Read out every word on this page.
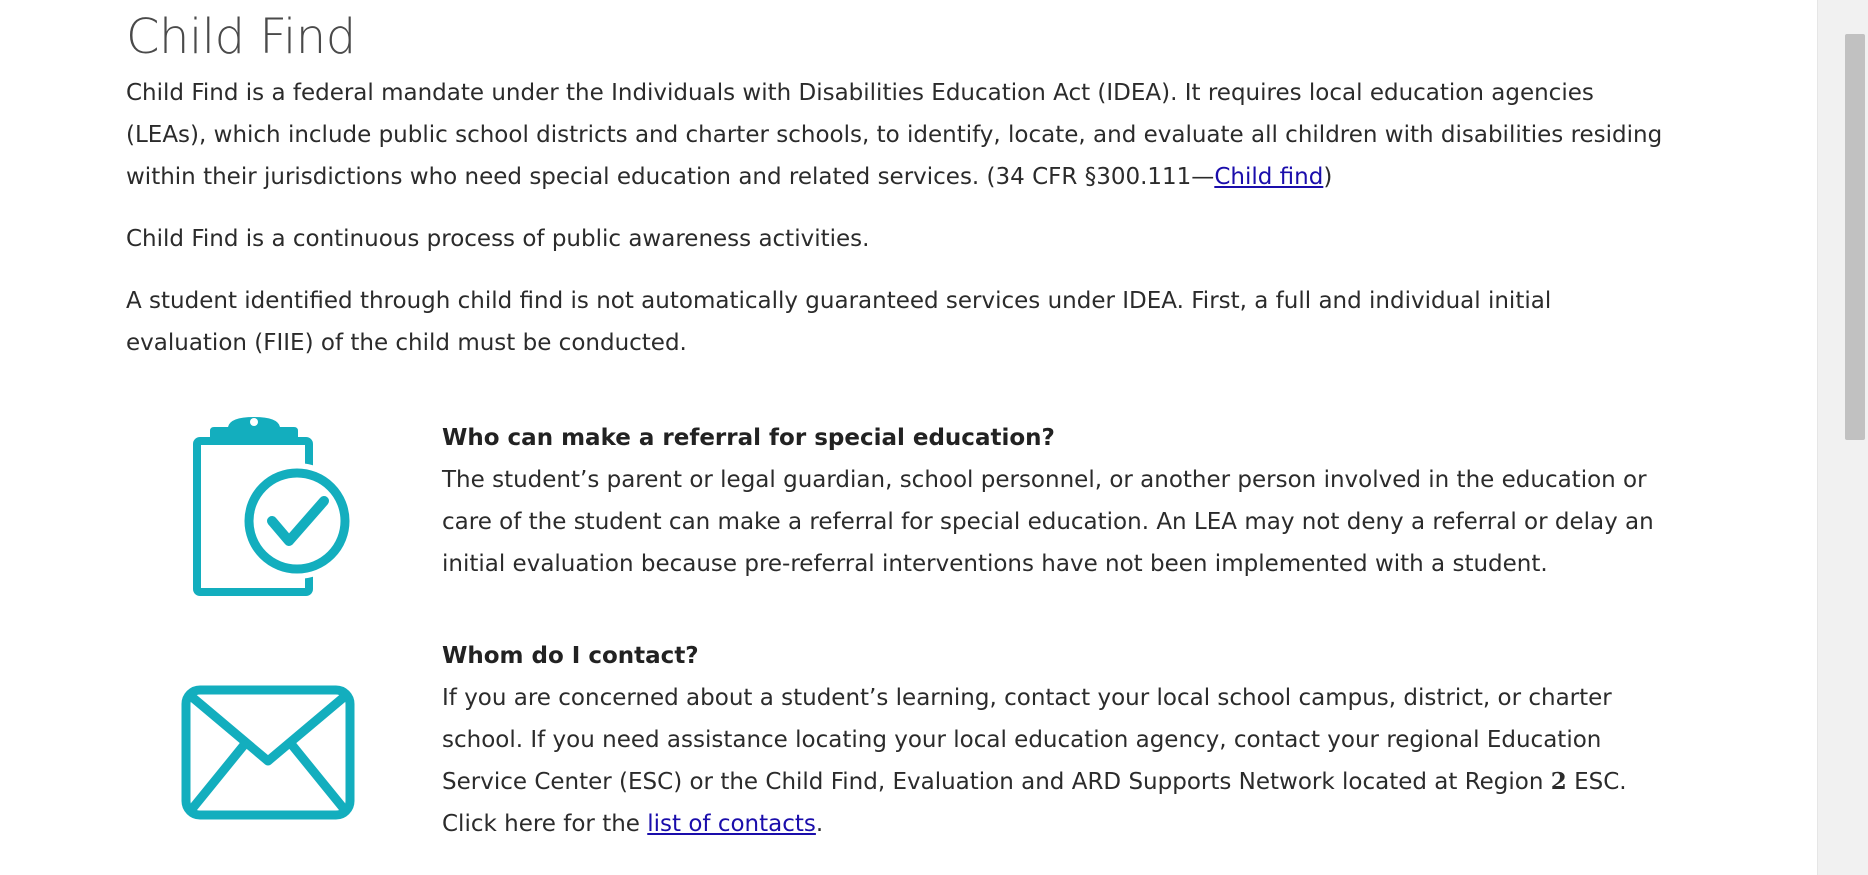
Child Find

Child Find is a federal mandate under the Individuals with Disabilities Education Act (IDEA). It requires local education agencies (LEAs), which include public school districts and charter schools, to identify, locate, and evaluate all children with disabilities residing within their jurisdictions who need special education and related services. (34 CFR §300.111—Child find)

Child Find is a continuous process of public awareness activities.

A student identified through child find is not automatically guaranteed services under IDEA. First, a full and individual initial evaluation (FIIE) of the child must be conducted.

Who can make a referral for special education?

The student’s parent or legal guardian, school personnel, or another person involved in the education or care of the student can make a referral for special education. An LEA may not deny a referral or delay an initial evaluation because pre-referral interventions have not been implemented with a student.

Whom do I contact?

If you are concerned about a student’s learning, contact your local school campus, district, or charter school. If you need assistance locating your local education agency, contact your regional Education Service Center (ESC) or the Child Find, Evaluation and ARD Supports Network located at Region 2 ESC. Click here for the list of contacts.
